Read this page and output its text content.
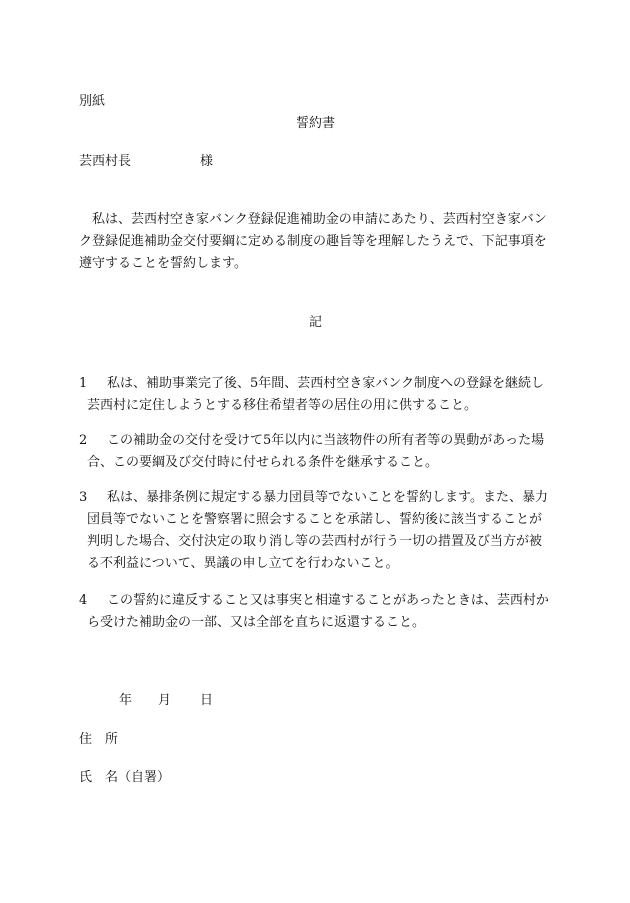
別紙
誓約書
芸西村長	様
私は、芸西村空き家バンク登録促進補助金の申請にあたり、芸西村空き家バンク登録促進補助金交付要綱に定める制度の趣旨等を理解したうえで、下記事項を遵守することを誓約します。
記
1	私は、補助事業完了後、5年間、芸西村空き家バンク制度への登録を継続し芸西村に定住しようとする移住希望者等の居住の用に供すること。
2	この補助金の交付を受けて5年以内に当該物件の所有者等の異動があった場合、この要綱及び交付時に付せられる条件を継承すること。
3	私は、暴排条例に規定する暴力団員等でないことを誓約します。また、暴力団員等でないことを警察署に照会することを承諾し、誓約後に該当することが判明した場合、交付決定の取り消し等の芸西村が行う一切の措置及び当方が被る不利益について、異議の申し立てを行わないこと。
4	この誓約に違反すること又は事実と相違することがあったときは、芸西村から受けた補助金の一部、又は全部を直ちに返還すること。
年 月 日
住　所
氏　名（自署）
